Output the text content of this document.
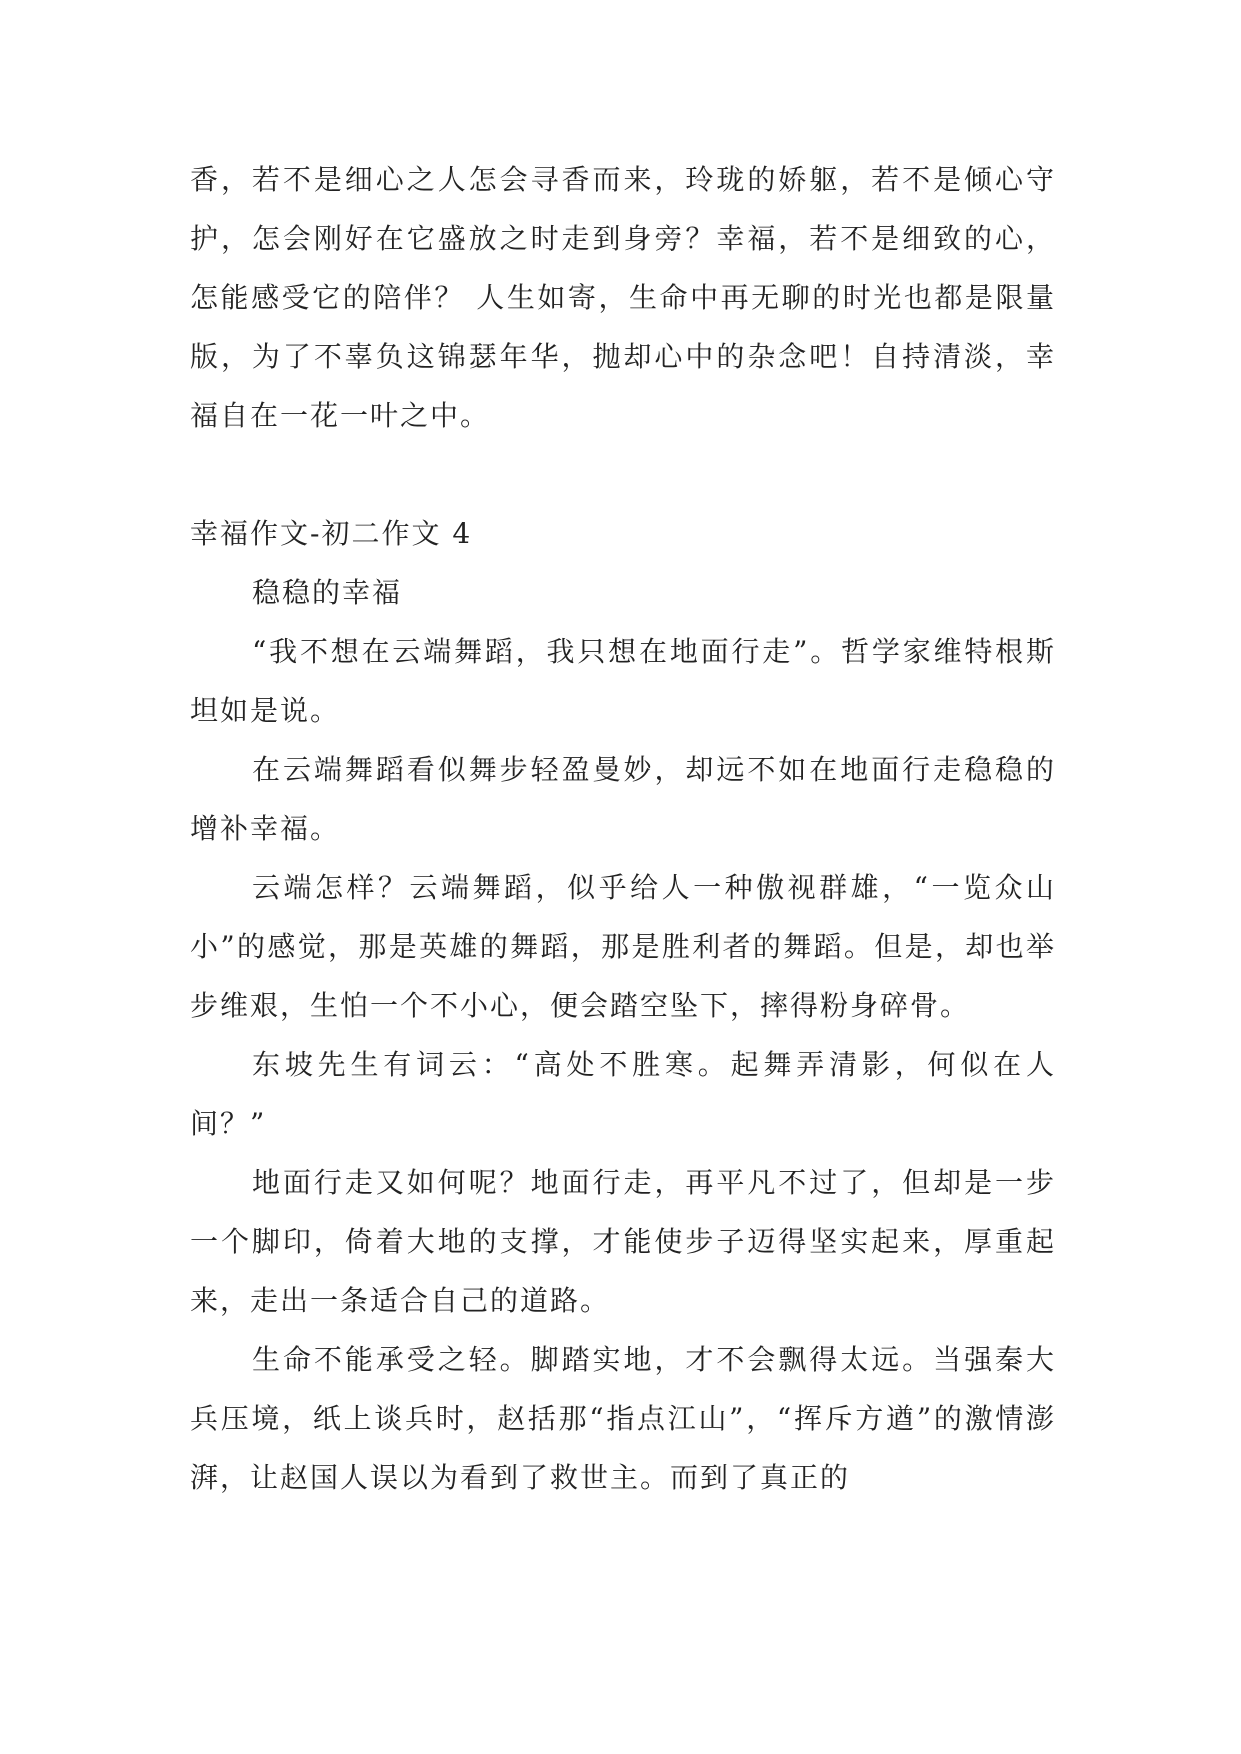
香，若不是细心之人怎会寻香而来，玲珑的娇躯，若不是倾心守护，怎会刚好在它盛放之时走到身旁？幸福，若不是细致的心，怎能感受它的陪伴？ 人生如寄，生命中再无聊的时光也都是限量版，为了不辜负这锦瑟年华，抛却心中的杂念吧！自持清淡，幸福自在一花一叶之中。

幸福作文-初二作文 4

稳稳的幸福

“我不想在云端舞蹈，我只想在地面行走”。哲学家维特根斯坦如是说。

在云端舞蹈看似舞步轻盈曼妙，却远不如在地面行走稳稳的增补幸福。

云端怎样？云端舞蹈，似乎给人一种傲视群雄，“一览众山小”的感觉，那是英雄的舞蹈，那是胜利者的舞蹈。但是，却也举步维艰，生怕一个不小心，便会踏空坠下，摔得粉身碎骨。

东坡先生有词云：“高处不胜寒。起舞弄清影，何似在人间？”

地面行走又如何呢？地面行走，再平凡不过了，但却是一步一个脚印，倚着大地的支撑，才能使步子迈得坚实起来，厚重起来，走出一条适合自己的道路。

生命不能承受之轻。脚踏实地，才不会飘得太远。当强秦大兵压境，纸上谈兵时，赵括那“指点江山”，“挥斥方遒”的激情澎湃，让赵国人误以为看到了救世主。而到了真正的
